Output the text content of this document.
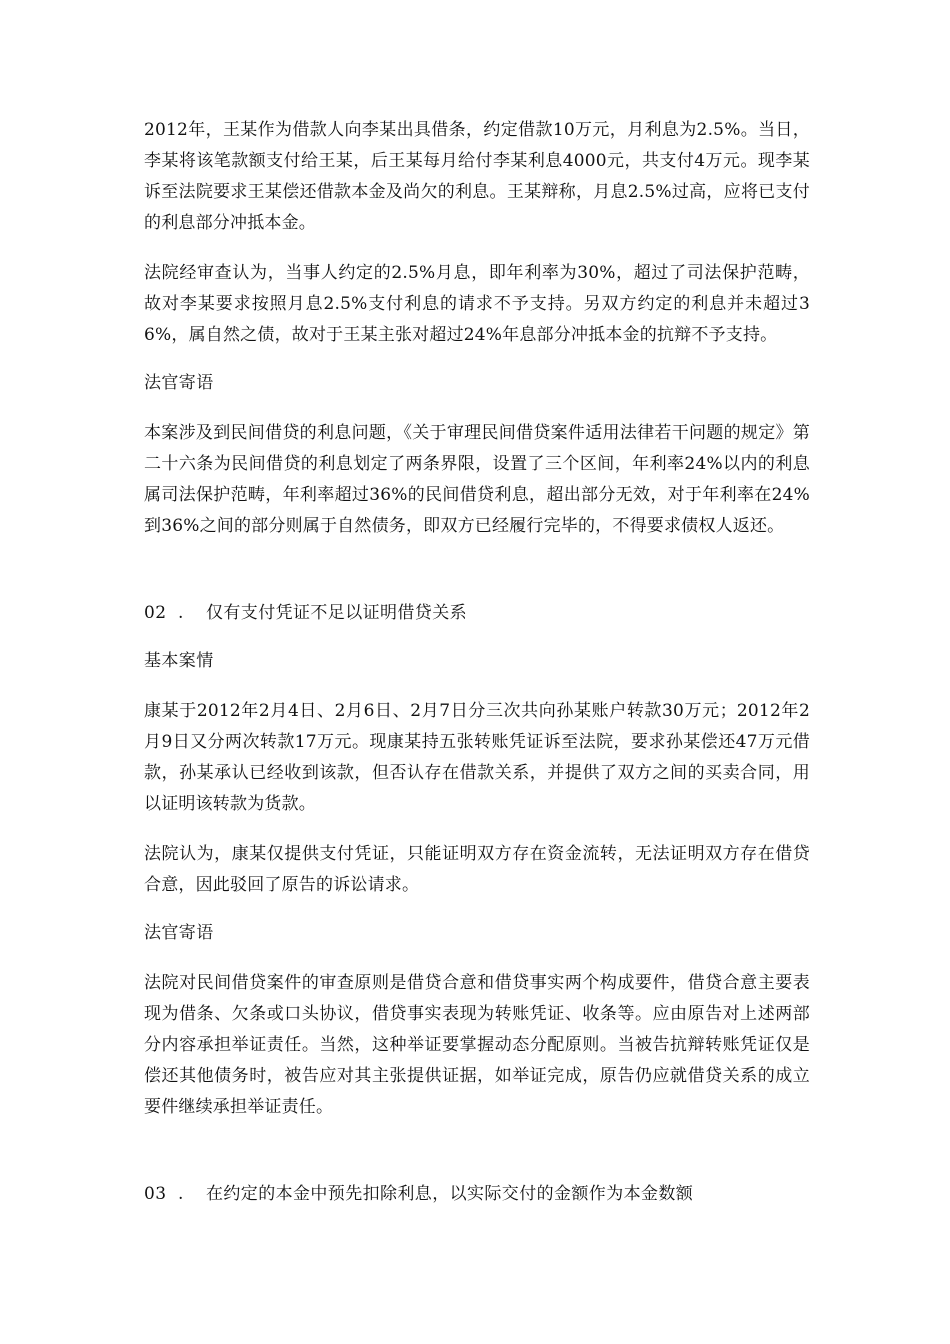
2012年，王某作为借款人向李某出具借条，约定借款10万元，月利息为2.5%。当日，李某将该笔款额支付给王某，后王某每月给付李某利息4000元，共支付4万元。现李某诉至法院要求王某偿还借款本金及尚欠的利息。王某辩称，月息2.5%过高，应将已支付的利息部分冲抵本金。

法院经审查认为，当事人约定的2.5%月息，即年利率为30%，超过了司法保护范畴，故对李某要求按照月息2.5%支付利息的请求不予支持。另双方约定的利息并未超过36%，属自然之债，故对于王某主张对超过24%年息部分冲抵本金的抗辩不予支持。

法官寄语

本案涉及到民间借贷的利息问题，《关于审理民间借贷案件适用法律若干问题的规定》第二十六条为民间借贷的利息划定了两条界限，设置了三个区间，年利率24%以内的利息属司法保护范畴，年利率超过36%的民间借贷利息，超出部分无效，对于年利率在24%到36%之间的部分则属于自然债务，即双方已经履行完毕的，不得要求债权人返还。

02 . 仅有支付凭证不足以证明借贷关系

基本案情

康某于2012年2月4日、2月6日、2月7日分三次共向孙某账户转款30万元；2012年2月9日又分两次转款17万元。现康某持五张转账凭证诉至法院，要求孙某偿还47万元借款，孙某承认已经收到该款，但否认存在借款关系，并提供了双方之间的买卖合同，用以证明该转款为货款。

法院认为，康某仅提供支付凭证，只能证明双方存在资金流转，无法证明双方存在借贷合意，因此驳回了原告的诉讼请求。

法官寄语

法院对民间借贷案件的审查原则是借贷合意和借贷事实两个构成要件，借贷合意主要表现为借条、欠条或口头协议，借贷事实表现为转账凭证、收条等。应由原告对上述两部分内容承担举证责任。当然，这种举证要掌握动态分配原则。当被告抗辩转账凭证仅是偿还其他债务时，被告应对其主张提供证据，如举证完成，原告仍应就借贷关系的成立要件继续承担举证责任。

03 . 在约定的本金中预先扣除利息，以实际交付的金额作为本金数额
